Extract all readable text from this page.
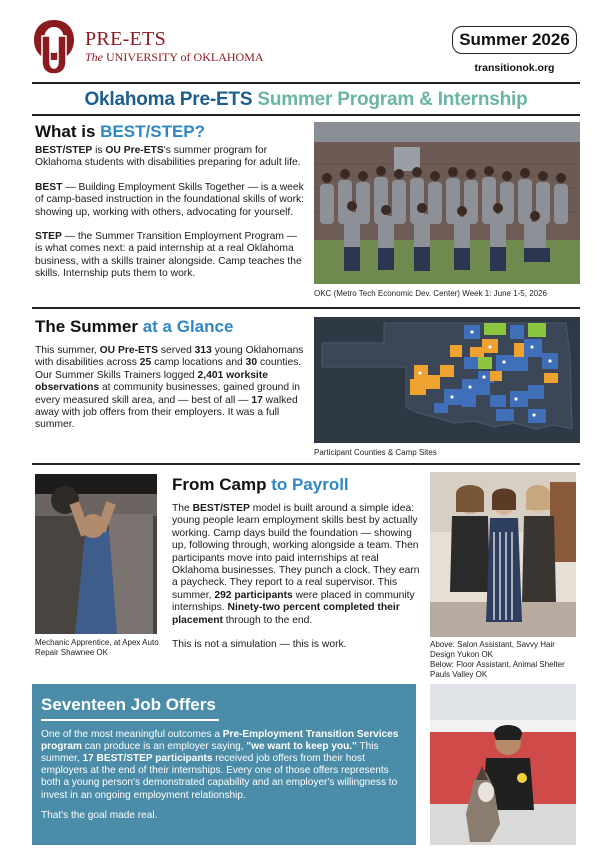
PRE-ETS
The UNIVERSITY of OKLAHOMA
Summer 2026
transitionok.org
Oklahoma Pre-ETS Summer Program & Internship
What is BEST/STEP?

BEST/STEP is OU Pre-ETS's summer program for Oklahoma students with disabilities preparing for adult life.

BEST — Building Employment Skills Together — is a week of camp-based instruction in the foundational skills of work: showing up, working with others, advocating for yourself.

STEP — the Summer Transition Employment Program — is what comes next: a paid internship at a real Oklahoma business, with a skills trainer alongside. Camp teaches the skills. Internship puts them to work.

OKC (Metro Tech Economic Dev. Center) Week 1: June 1-5, 2026
The Summer at a Glance

This summer, OU Pre-ETS served 313 young Oklahomans with disabilities across 25 camp locations and 30 counties. Our Summer Skills Trainers logged 2,401 worksite observations at community businesses, gained ground in every measured skill area, and — best of all — 17 walked away with job offers from their employers. It was a full summer.

Participant Counties & Camp Sites
Mechanic Apprentice, at Apex Auto Repair Shawnee OK
From Camp to Payroll

The BEST/STEP model is built around a simple idea: young people learn employment skills best by actually working. Camp days build the foundation — showing up, following through, working alongside a team. Then participants move into paid internships at real Oklahoma businesses. They punch a clock. They earn a paycheck. They report to a real supervisor. This summer, 292 participants were placed in community internships. Ninety-two percent completed their placement through to the end.

This is not a simulation — this is work.	Above: Salon Assistant, Savvy Hair Design Yukon OK
Below: Floor Assistant, Animal Shelter Pauls Valley OK
Seventeen Job Offers

One of the most meaningful outcomes a Pre-Employment Transition Services program can produce is an employer saying, "we want to keep you." This summer, 17 BEST/STEP participants received job offers from their host employers at the end of their internships. Every one of those offers represents both a young person's demonstrated capability and an employer's willingness to invest in an ongoing employment relationship.

That's the goal made real.
